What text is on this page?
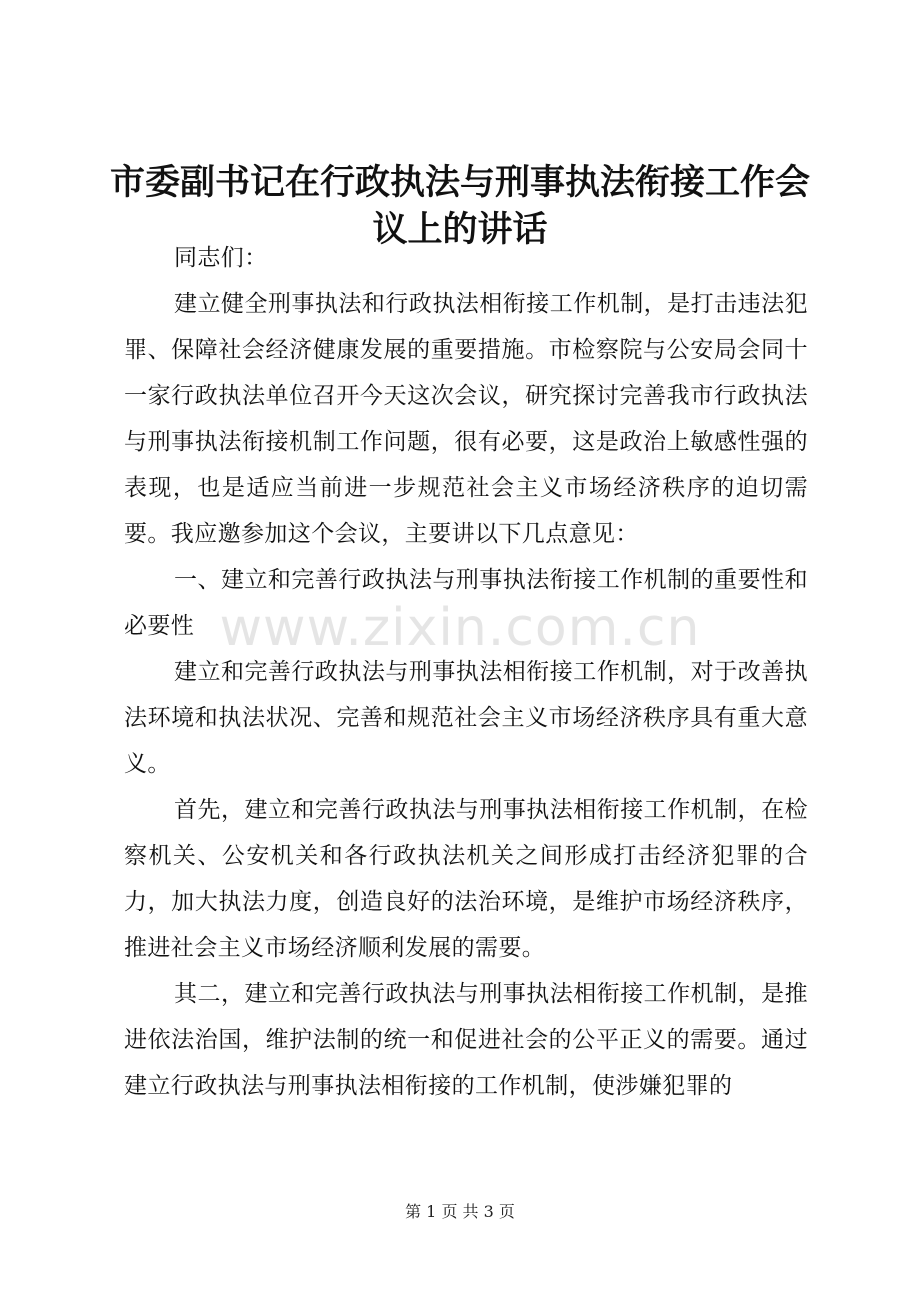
市委副书记在行政执法与刑事执法衔接工作会议上的讲话

同志们：

建立健全刑事执法和行政执法相衔接工作机制，是打击违法犯罪、保障社会经济健康发展的重要措施。市检察院与公安局会同十一家行政执法单位召开今天这次会议，研究探讨完善我市行政执法与刑事执法衔接机制工作问题，很有必要，这是政治上敏感性强的表现，也是适应当前进一步规范社会主义市场经济秩序的迫切需要。我应邀参加这个会议，主要讲以下几点意见：

一、建立和完善行政执法与刑事执法衔接工作机制的重要性和必要性

建立和完善行政执法与刑事执法相衔接工作机制，对于改善执法环境和执法状况、完善和规范社会主义市场经济秩序具有重大意义。

首先，建立和完善行政执法与刑事执法相衔接工作机制，在检察机关、公安机关和各行政执法机关之间形成打击经济犯罪的合力，加大执法力度，创造良好的法治环境，是维护市场经济秩序，推进社会主义市场经济顺利发展的需要。

其二，建立和完善行政执法与刑事执法相衔接工作机制，是推进依法治国，维护法制的统一和促进社会的公平正义的需要。通过建立行政执法与刑事执法相衔接的工作机制，使涉嫌犯罪的

www.zixin.com.cn
第 1 页 共 3 页
